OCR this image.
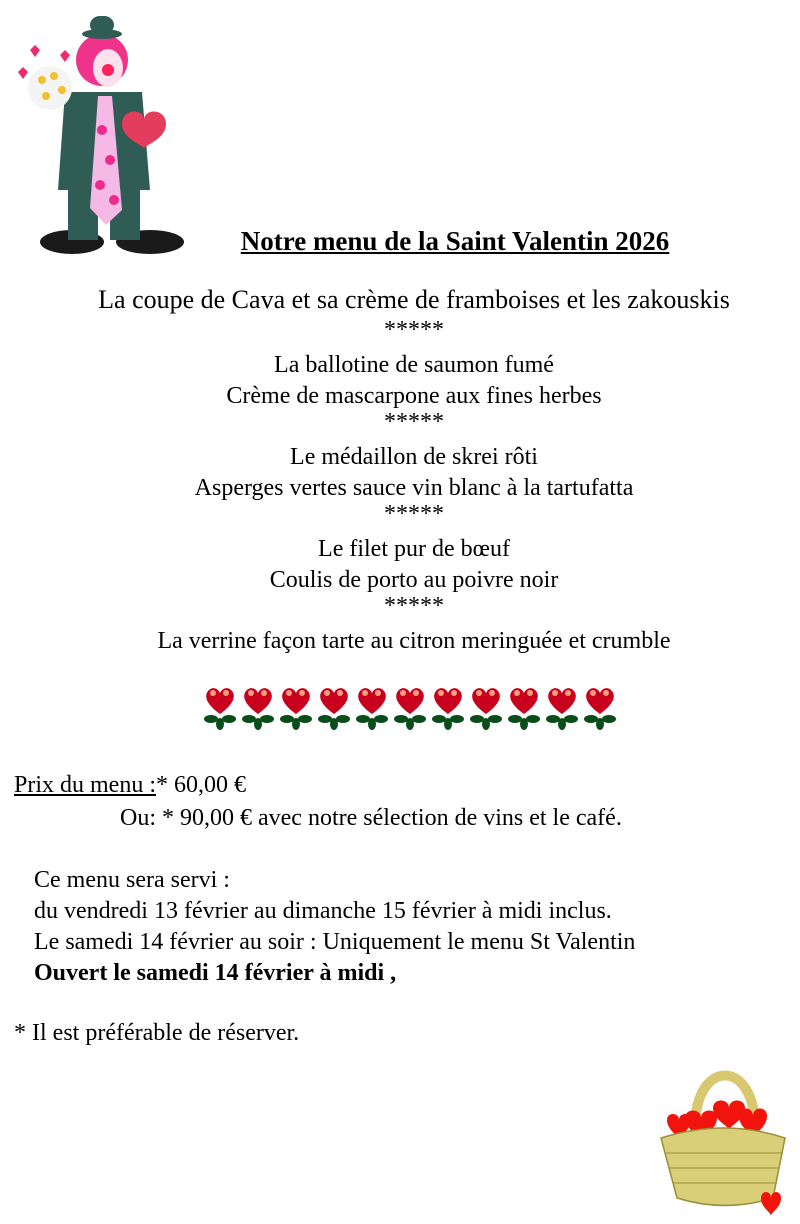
Notre menu de la Saint Valentin 2026
La coupe de Cava et sa crème de framboises et les zakouskis
*****
La ballotine de saumon fumé
Crème de mascarpone aux fines herbes
*****
Le médaillon de skrei rôti
Asperges vertes sauce vin blanc à la tartufatta
*****
Le filet pur de bœuf
Coulis de porto au poivre noir
*****
La verrine façon tarte au citron meringuée et crumble
Prix du menu :* 60,00 €
Ou: * 90,00 € avec notre sélection de vins et le café.
Ce menu sera servi :
du vendredi 13 février au dimanche 15 février à midi inclus.
Le samedi 14 février au soir : Uniquement le menu St Valentin
Ouvert le samedi 14 février à midi ,
* Il est préférable de réserver.
